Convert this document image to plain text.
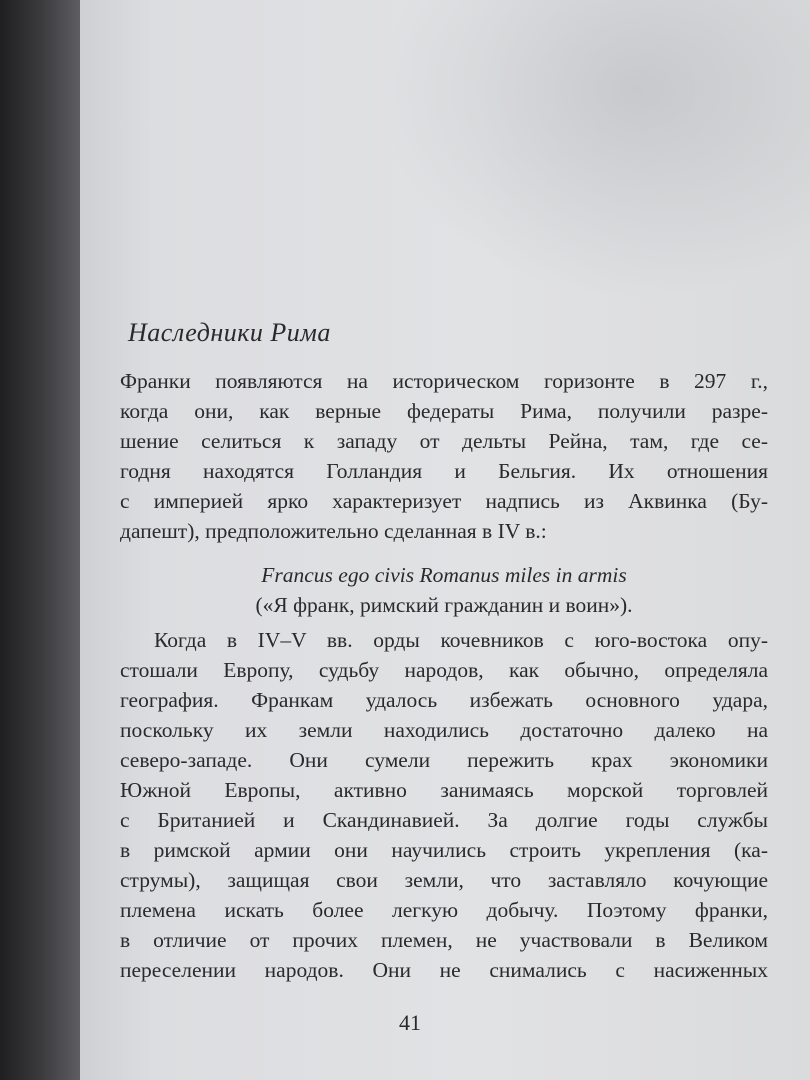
Наследники Рима
Франки появляются на историческом горизонте в 297 г.,
когда они, как верные федераты Рима, получили разре-
шение селиться к западу от дельты Рейна, там, где се-
годня находятся Голландия и Бельгия. Их отношения
с империей ярко характеризует надпись из Аквинка (Бу-
дапешт), предположительно сделанная в IV в.:
Francus ego civis Romanus miles in armis
(«Я франк, римский гражданин и воин»).
Когда в IV–V вв. орды кочевников с юго-востока опу-
стошали Европу, судьбу народов, как обычно, определяла
география. Франкам удалось избежать основного удара,
поскольку их земли находились достаточно далеко на
северо-западе. Они сумели пережить крах экономики
Южной Европы, активно занимаясь морской торговлей
с Британией и Скандинавией. За долгие годы службы
в римской армии они научились строить укрепления (ка-
струмы), защищая свои земли, что заставляло кочующие
племена искать более легкую добычу. Поэтому франки,
в отличие от прочих племен, не участвовали в Великом
переселении народов. Они не снимались с насиженных
41
